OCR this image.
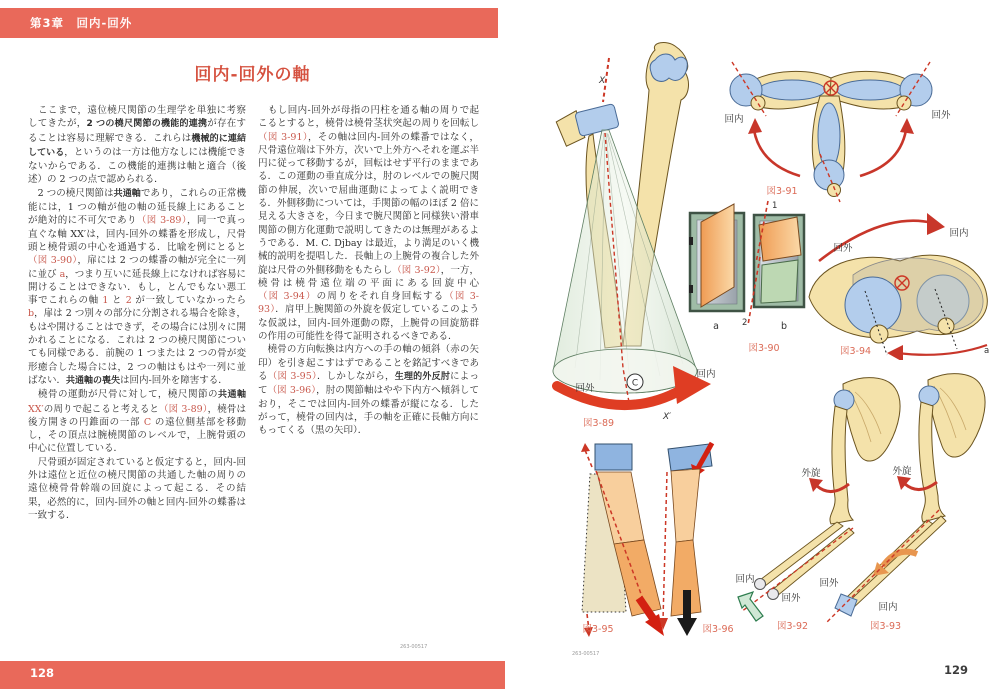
第3章　回内-回外
回内-回外の軸

　ここまで，遠位橈尺関節の生理学を単独に考察してきたが，2 つの橈尺関節の機能的連携が存在することは容易に理解できる．これらは機械的に連結している，というのは一方は他方なしには機能できないからである．この機能的連携は軸と適合（後述）の 2 つの点で認められる．

　2 つの橈尺関節は共通軸であり，これらの正常機能には，1 つの軸が他の軸の延長線上にあることが絶対的に不可欠であり（図 3-89），同一で真っ直ぐな軸 XX′は，回内-回外の蝶番を形成し，尺骨頭と橈骨頭の中心を通過する．比喩を例にとると（図 3-90），扉には 2 つの蝶番の軸が完全に一列に並び a，つまり互いに延長線上になければ容易に開けることはできない．もし，とんでもない悪工事でこれらの軸 1 と 2 が一致していなかったら b，扉は 2 つ別々の部分に分割される場合を除き，もはや開けることはできず，その場合には別々に開かれることになる．これは 2 つの橈尺関節についても同様である．前腕の 1 つまたは 2 つの骨が変形癒合した場合には，2 つの軸はもはや一列に並ばない．共通軸の喪失は回内-回外を障害する．

　橈骨の運動が尺骨に対して，橈尺関節の共通軸 XX′の周りで起こると考えると（図 3-89），橈骨は後方開きの円錐面の一部 C の遠位側基部を移動し，その頂点は腕橈関節のレベルで，上腕骨頭の中心に位置している．

　尺骨頭が固定されていると仮定すると，回内-回外は遠位と近位の橈尺関節の共通した軸の周りの遠位橈骨骨幹端の回旋によって起こる．その結果，必然的に，回内-回外の軸と回内-回外の蝶番は一致する．

　もし回内-回外が母指の円柱を通る軸の周りで起こるとすると，橈骨は橈骨茎状突起の周りを回転し（図 3-91），その軸は回内-回外の蝶番ではなく，尺骨遠位端は下外方，次いで上外方へそれを運ぶ半円に従って移動するが，回転はせず平行のままである．この運動の垂直成分は，肘のレベルでの腕尺関節の伸展，次いで屈曲運動によってよく説明できる．外側移動については，手関節の幅のほぼ 2 倍に見える大きさを，今日まで腕尺関節と同様狭い滑車関節の側方化運動で説明してきたのは無理があるようである．M. C. Djbay は最近，より満足のいく機械的説明を提唱した．長軸上の上腕骨の複合した外旋は尺骨の外側移動をもたらし（図 3-92），一方，橈骨は橈骨遠位端の平面にある回旋中心（図 3-94）の周りをそれ自身回転する（図 3-93）．肩甲上腕関節の外旋を仮定しているこのような仮説は，回内-回外運動の際，上腕骨の回旋筋群の作用の可能性を得て証明されるべきである．

　橈骨の方向転換は内方への手の軸の傾斜（赤の矢印）を引き起こすはずであることを銘記すべきである（図 3-95）．しかしながら，生理的外反肘によって（図 3-96），肘の関節軸はやや下内方へ傾斜しており，そこでは回内-回外の蝶番が縦になる．したがって，橈骨の回内は，手の軸を正確に長軸方向にもってくる（黒の矢印）．

263-00517
128
C
X
X′
回外
回内
図3-89
回内	回外
図3-91
a
1
2	b
図3-90
回外
回内
a
図3-94
図3-95	図3-96
回内
回外
外旋
図3-92
回外
回内
外旋
図3-93
263-00517
129
